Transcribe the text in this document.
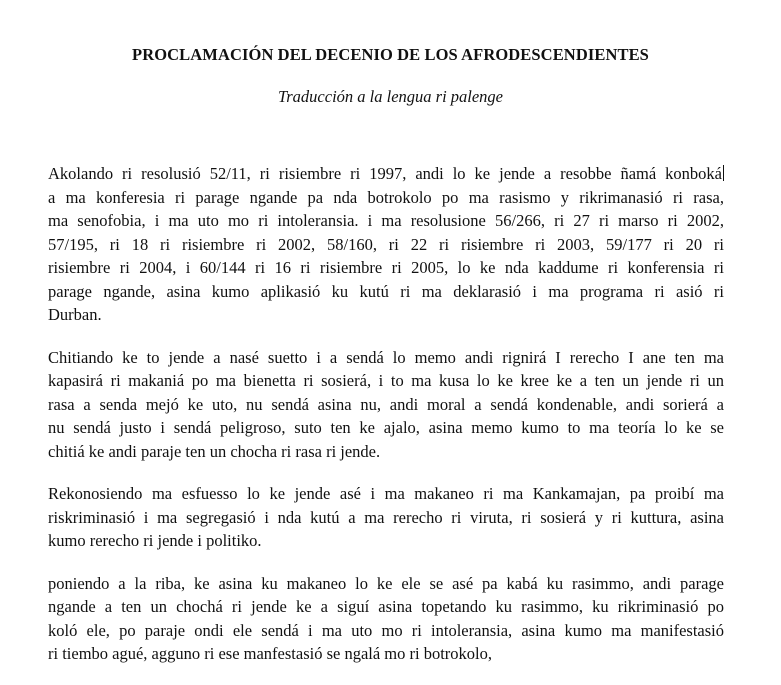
PROCLAMACIÓN DEL DECENIO DE LOS AFRODESCENDIENTES
Traducción a la lengua ri palenge
Akolando ri resolusió 52/11, ri risiembre ri 1997, andi lo ke jende a resobbe ñamá konboká
a ma konferesia ri parage ngande pa nda botrokolo po ma rasismo y rikrimanasió ri rasa,
ma senofobia, i ma uto mo ri intoleransia. i ma resolusione 56/266, ri 27 ri marso ri 2002,
57/195, ri 18 ri risiembre ri 2002, 58/160, ri 22 ri risiembre ri 2003, 59/177 ri 20 ri
risiembre ri 2004, i 60/144 ri 16 ri risiembre ri 2005, lo ke nda kaddume ri konferensia ri
parage ngande, asina kumo aplikasió ku kutú ri ma deklarasió i ma programa ri asió ri
Durban.
Chitiando ke to jende a nasé suetto i a sendá lo memo andi rignirá I rerecho I ane ten ma
kapasirá ri makaniá po ma bienetta ri sosierá, i to ma kusa lo ke kree ke a ten un jende ri un
rasa a senda mejó ke uto, nu sendá asina nu, andi moral a sendá kondenable, andi sorierá a
nu sendá justo i sendá peligroso, suto ten ke ajalo, asina memo kumo to ma teoría lo ke se
chitiá ke andi paraje ten un chocha ri rasa ri jende.
Rekonosiendo ma esfuesso lo ke jende asé i ma makaneo ri ma Kankamajan, pa proibí ma
riskriminasió i ma segregasió i nda kutú a ma rerecho ri viruta, ri sosierá y ri kuttura, asina
kumo rerecho ri jende i politiko.
poniendo a la riba, ke asina ku makaneo lo ke ele se asé pa kabá ku rasimmo, andi parage
ngande a ten un chochá ri jende ke a siguí asina topetando ku rasimmo, ku rikriminasió po
koló ele, po paraje ondi ele sendá i ma uto mo ri intoleransia, asina kumo ma manifestasió
ri tiembo agué, agguno ri ese manfestasió se ngalá mo ri botrokolo,
